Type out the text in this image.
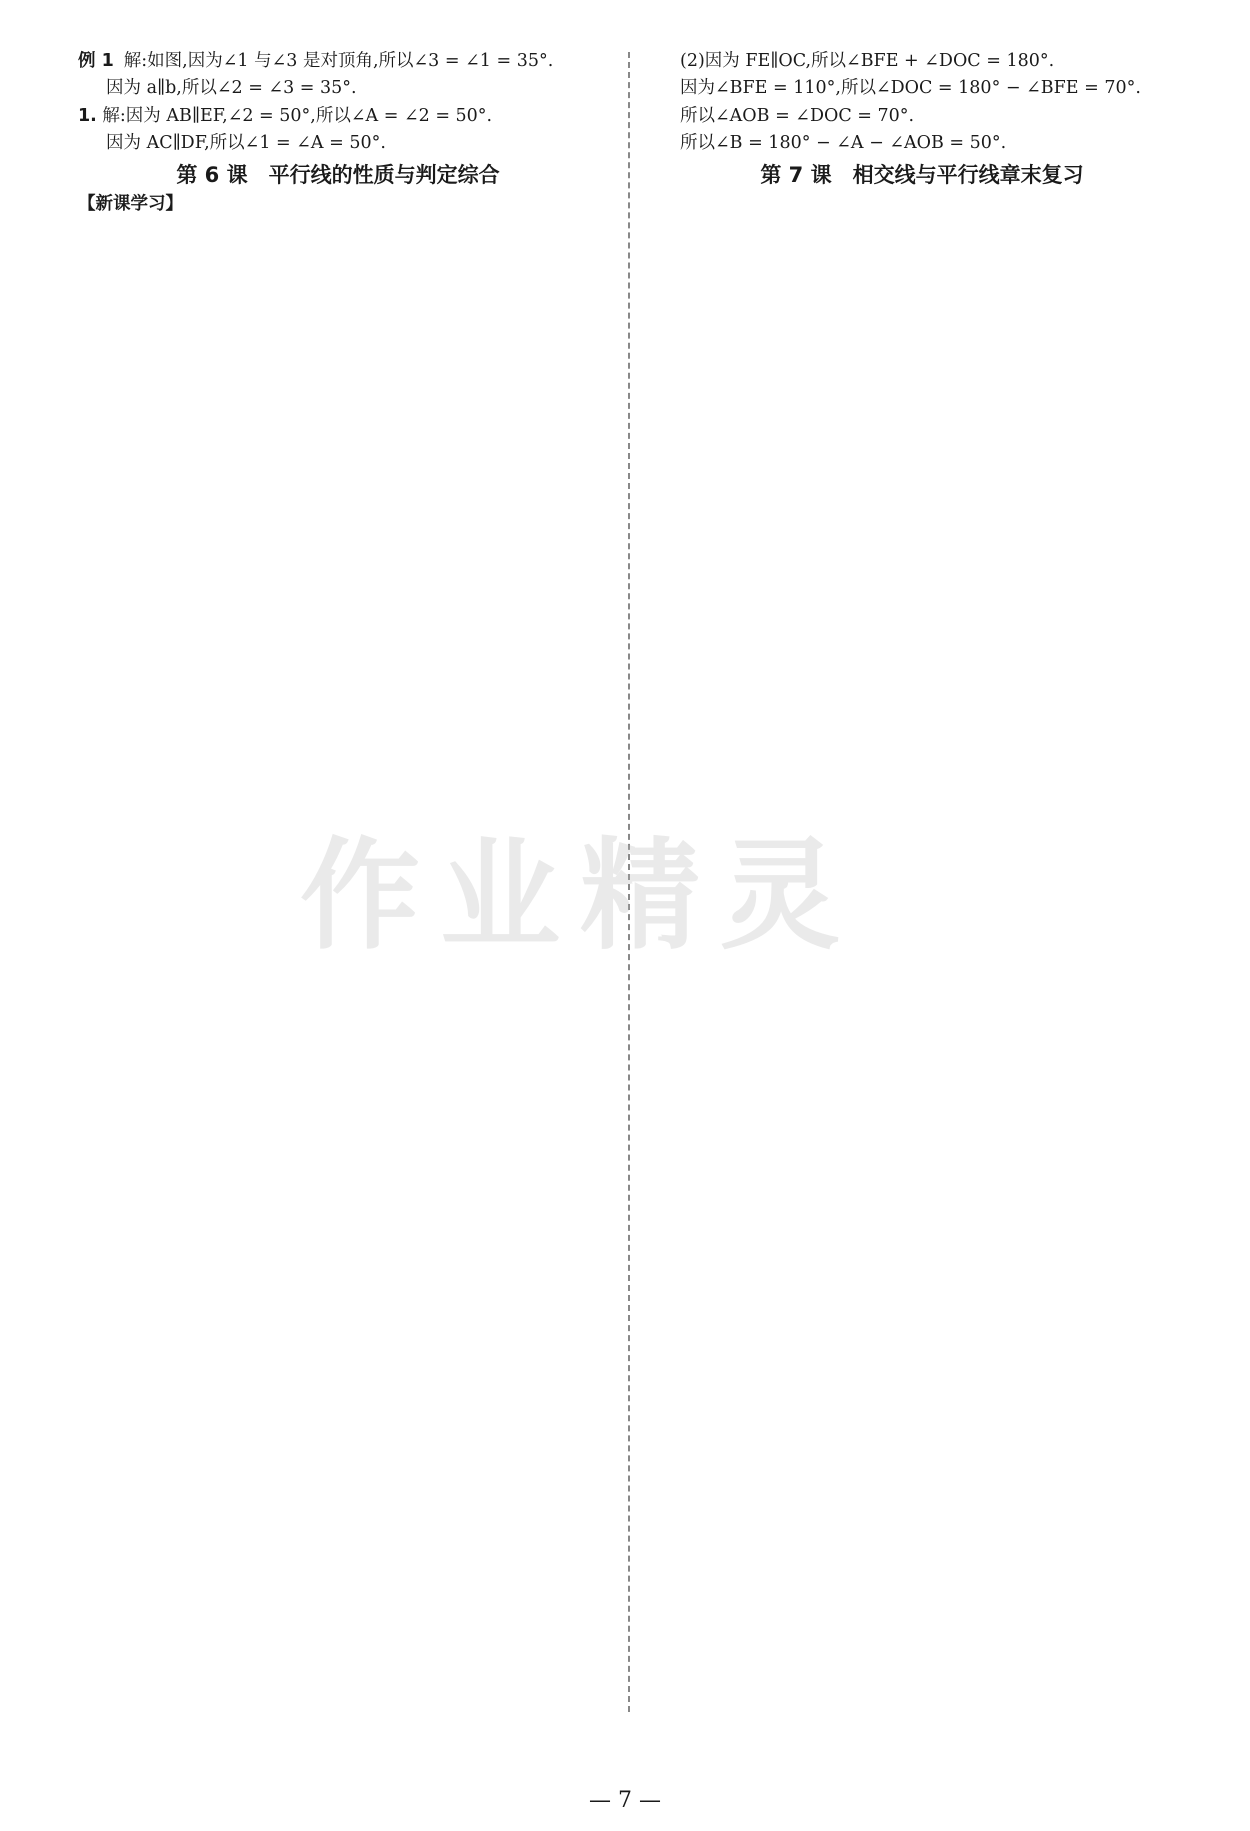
作业精灵
例 1 解:如图,因为∠1 与∠3 是对顶角,所以∠3 = ∠1 = 35°.
因为 a∥b,所以∠2 = ∠3 = 35°.
1. 解:因为 AB∥EF,∠2 = 50°,所以∠A = ∠2 = 50°.
因为 AC∥DF,所以∠1 = ∠A = 50°.
第 6 课　平行线的性质与判定综合
【新课学习】
(2)因为 FE∥OC,所以∠BFE + ∠DOC = 180°.
因为∠BFE = 110°,所以∠DOC = 180° − ∠BFE = 70°.
所以∠AOB = ∠DOC = 70°.
所以∠B = 180° − ∠A − ∠AOB = 50°.
第 7 课　相交线与平行线章末复习
— 7 —
